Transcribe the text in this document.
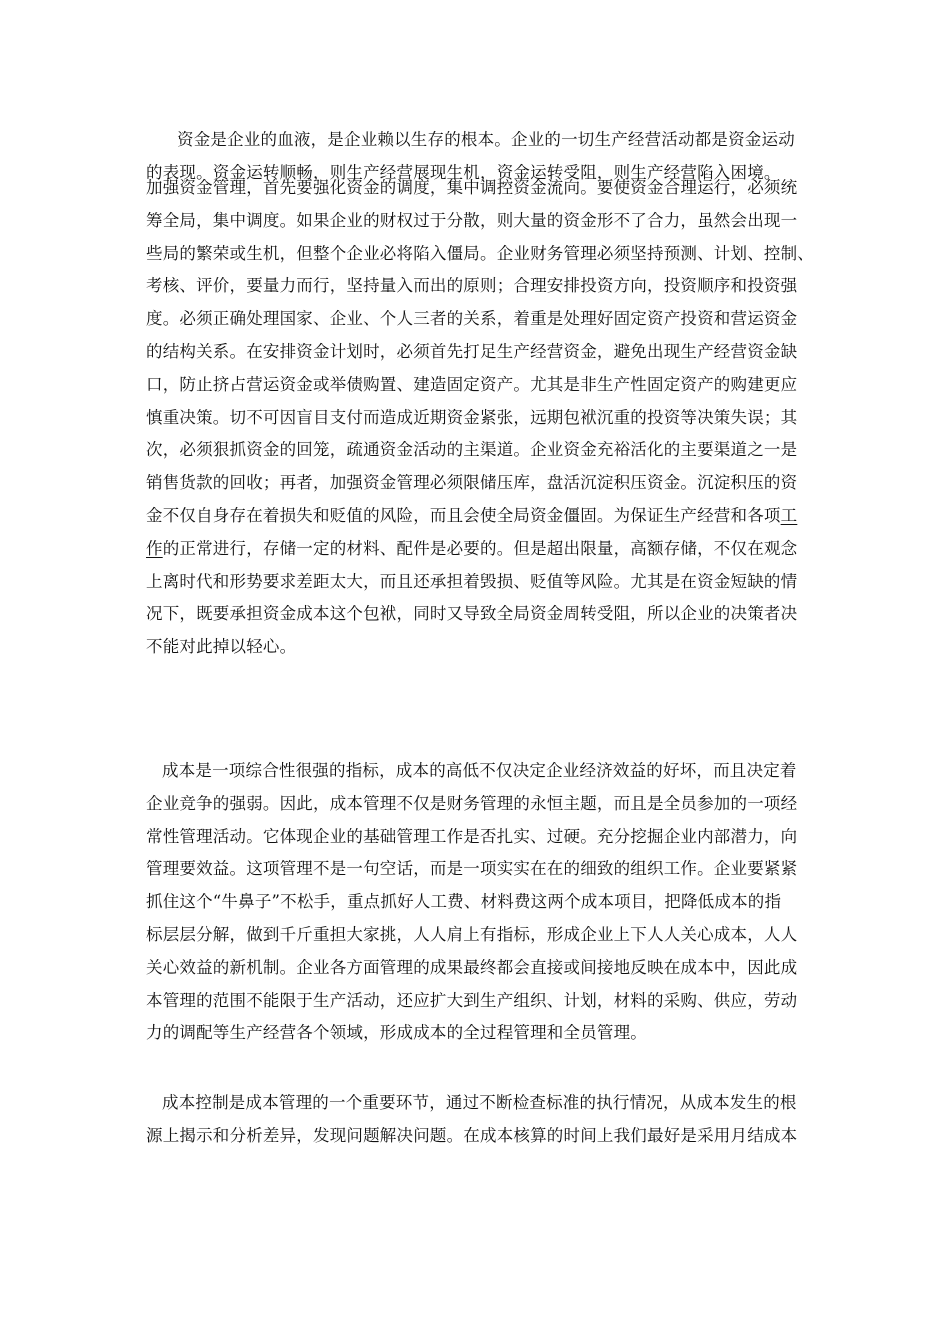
资金是企业的血液，是企业赖以生存的根本。企业的一切生产经营活动都是资金运动
的表现。资金运转顺畅，则生产经营展现生机，资金运转受阻，则生产经营陷入困境。
加强资金管理，首先要强化资金的调度，集中调控资金流向。要使资金合理运行，必须统
筹全局，集中调度。如果企业的财权过于分散，则大量的资金形不了合力，虽然会出现一
些局的繁荣或生机，但整个企业必将陷入僵局。企业财务管理必须坚持预测、计划、控制、
考核、评价，要量力而行，坚持量入而出的原则；合理安排投资方向，投资顺序和投资强
度。必须正确处理国家、企业、个人三者的关系，着重是处理好固定资产投资和营运资金
的结构关系。在安排资金计划时，必须首先打足生产经营资金，避免出现生产经营资金缺
口，防止挤占营运资金或举债购置、建造固定资产。尤其是非生产性固定资产的购建更应
慎重决策。切不可因盲目支付而造成近期资金紧张，远期包袱沉重的投资等决策失误；其
次，必须狠抓资金的回笼，疏通资金活动的主渠道。企业资金充裕活化的主要渠道之一是
销售货款的回收；再者，加强资金管理必须限储压库，盘活沉淀积压资金。沉淀积压的资
金不仅自身存在着损失和贬值的风险，而且会使全局资金僵固。为保证生产经营和各项工
作的正常进行，存储一定的材料、配件是必要的。但是超出限量，高额存储，不仅在观念
上离时代和形势要求差距太大，而且还承担着毁损、贬值等风险。尤其是在资金短缺的情
况下，既要承担资金成本这个包袱，同时又导致全局资金周转受阻，所以企业的决策者决
不能对此掉以轻心。
成本是一项综合性很强的指标，成本的高低不仅决定企业经济效益的好坏，而且决定着
企业竞争的强弱。因此，成本管理不仅是财务管理的永恒主题，而且是全员参加的一项经
常性管理活动。它体现企业的基础管理工作是否扎实、过硬。充分挖掘企业内部潜力，向
管理要效益。这项管理不是一句空话，而是一项实实在在的细致的组织工作。企业要紧紧
抓住这个“牛鼻子”不松手，重点抓好人工费、材料费这两个成本项目，把降低成本的指
标层层分解，做到千斤重担大家挑，人人肩上有指标，形成企业上下人人关心成本，人人
关心效益的新机制。企业各方面管理的成果最终都会直接或间接地反映在成本中，因此成
本管理的范围不能限于生产活动，还应扩大到生产组织、计划，材料的采购、供应，劳动
力的调配等生产经营各个领域，形成成本的全过程管理和全员管理。
成本控制是成本管理的一个重要环节，通过不断检查标准的执行情况，从成本发生的根
源上揭示和分析差异，发现问题解决问题。在成本核算的时间上我们最好是采用月结成本
